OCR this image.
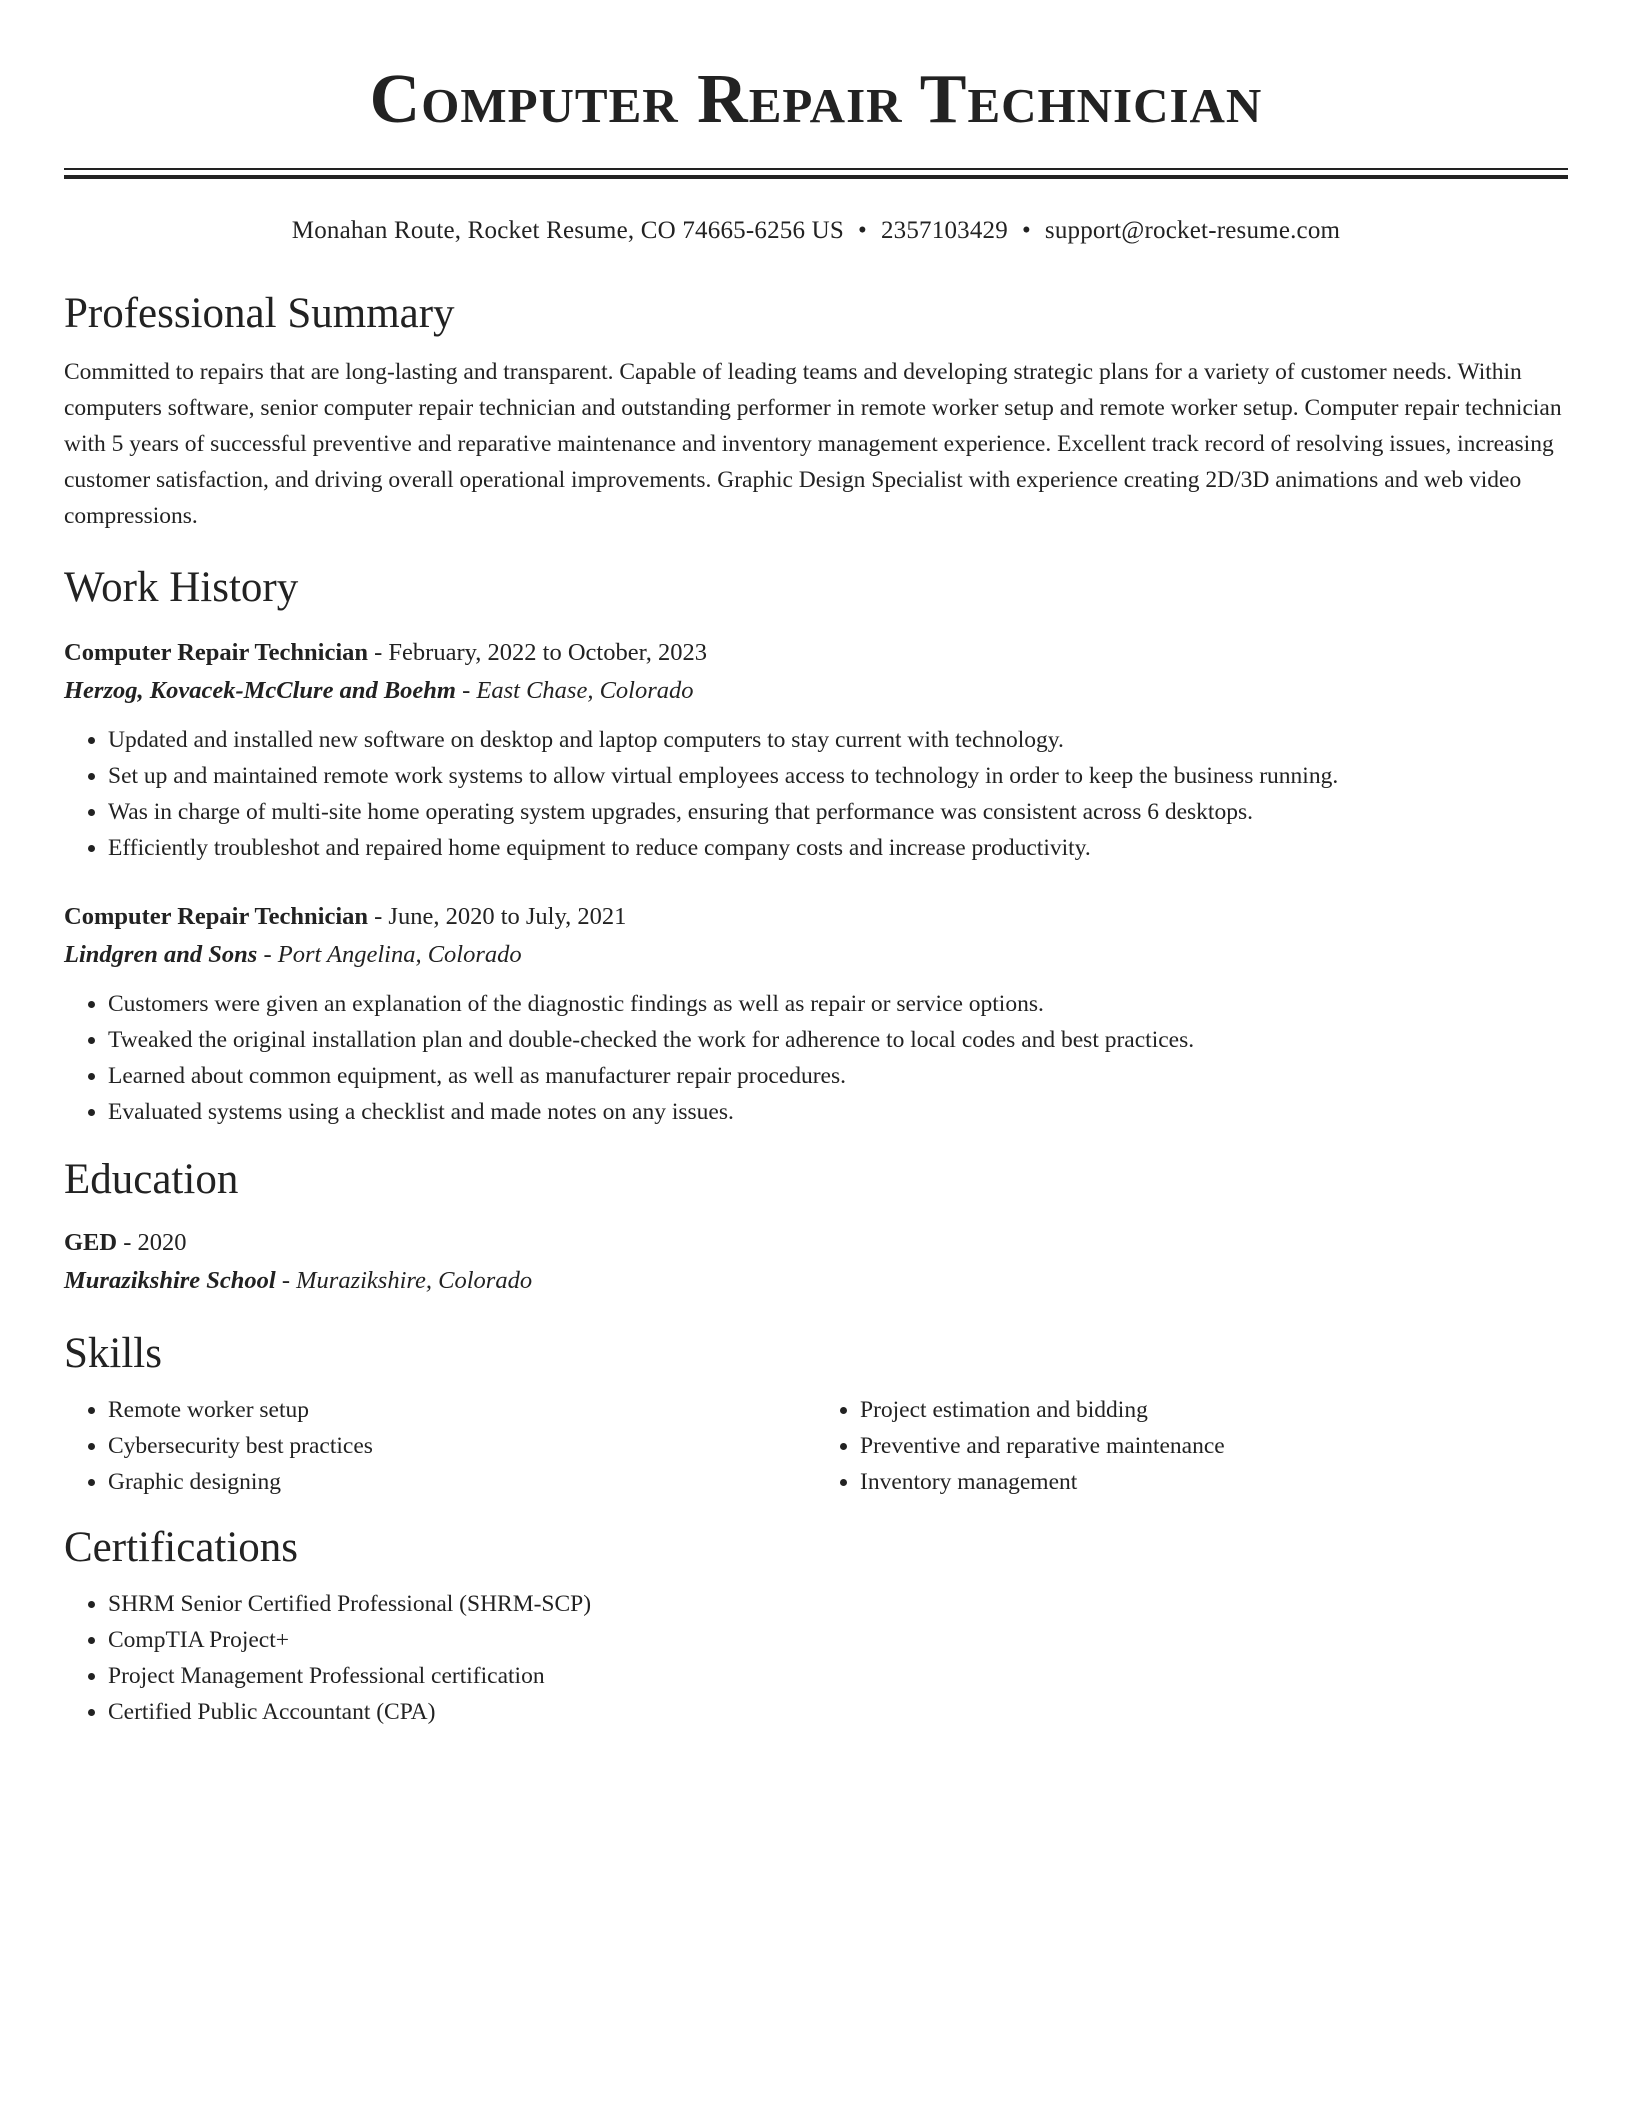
Computer Repair Technician
Monahan Route, Rocket Resume, CO 74665-6256 US • 2357103429 • support@rocket-resume.com
Professional Summary

Committed to repairs that are long-lasting and transparent. Capable of leading teams and developing strategic plans for a variety of customer needs. Within computers software, senior computer repair technician and outstanding performer in remote worker setup and remote worker setup. Computer repair technician with 5 years of successful preventive and reparative maintenance and inventory management experience. Excellent track record of resolving issues, increasing customer satisfaction, and driving overall operational improvements. Graphic Design Specialist with experience creating 2D/3D animations and web video compressions.

Work History

Computer Repair Technician - February, 2022 to October, 2023

Herzog, Kovacek-McClure and Boehm - East Chase, Colorado

• Updated and installed new software on desktop and laptop computers to stay current with technology.
• Set up and maintained remote work systems to allow virtual employees access to technology in order to keep the business running.
• Was in charge of multi-site home operating system upgrades, ensuring that performance was consistent across 6 desktops.
• Efficiently troubleshot and repaired home equipment to reduce company costs and increase productivity.

Computer Repair Technician - June, 2020 to July, 2021

Lindgren and Sons - Port Angelina, Colorado

• Customers were given an explanation of the diagnostic findings as well as repair or service options.
• Tweaked the original installation plan and double-checked the work for adherence to local codes and best practices.
• Learned about common equipment, as well as manufacturer repair procedures.
• Evaluated systems using a checklist and made notes on any issues.
Education

GED - 2020

Murazikshire School - Murazikshire, Colorado

Skills
• Remote worker setup
• Cybersecurity best practices
• Graphic designing
• Project estimation and bidding
• Preventive and reparative maintenance
• Inventory management
Certifications
• SHRM Senior Certified Professional (SHRM-SCP)
• CompTIA Project+
• Project Management Professional certification
• Certified Public Accountant (CPA)
